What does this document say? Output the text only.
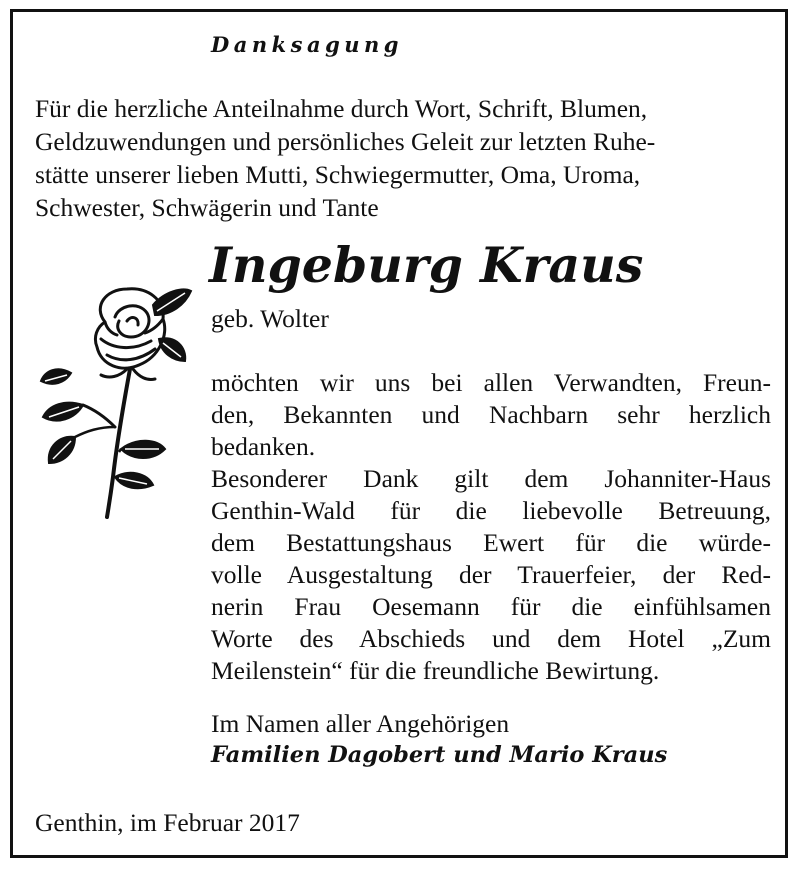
Danksagung
Für die herzliche Anteilnahme durch Wort, Schrift, Blumen,
Geldzuwendungen und persönliches Geleit zur letzten Ruhe-
stätte unserer lieben Mutti, Schwiegermutter, Oma, Uroma,
Schwester, Schwägerin und Tante
Ingeburg Kraus
geb. Wolter
möchten wir uns bei allen Verwandten, Freun-
den, Bekannten und Nachbarn sehr herzlich
bedanken.
Besonderer Dank gilt dem Johanniter-Haus
Genthin-Wald für die liebevolle Betreuung,
dem Bestattungshaus Ewert für die würde-
volle Ausgestaltung der Trauerfeier, der Red-
nerin Frau Oesemann für die einfühlsamen
Worte des Abschieds und dem Hotel „Zum
Meilenstein“ für die freundliche Bewirtung.
Im Namen aller Angehörigen
Familien Dagobert und Mario Kraus
Genthin, im Februar 2017
